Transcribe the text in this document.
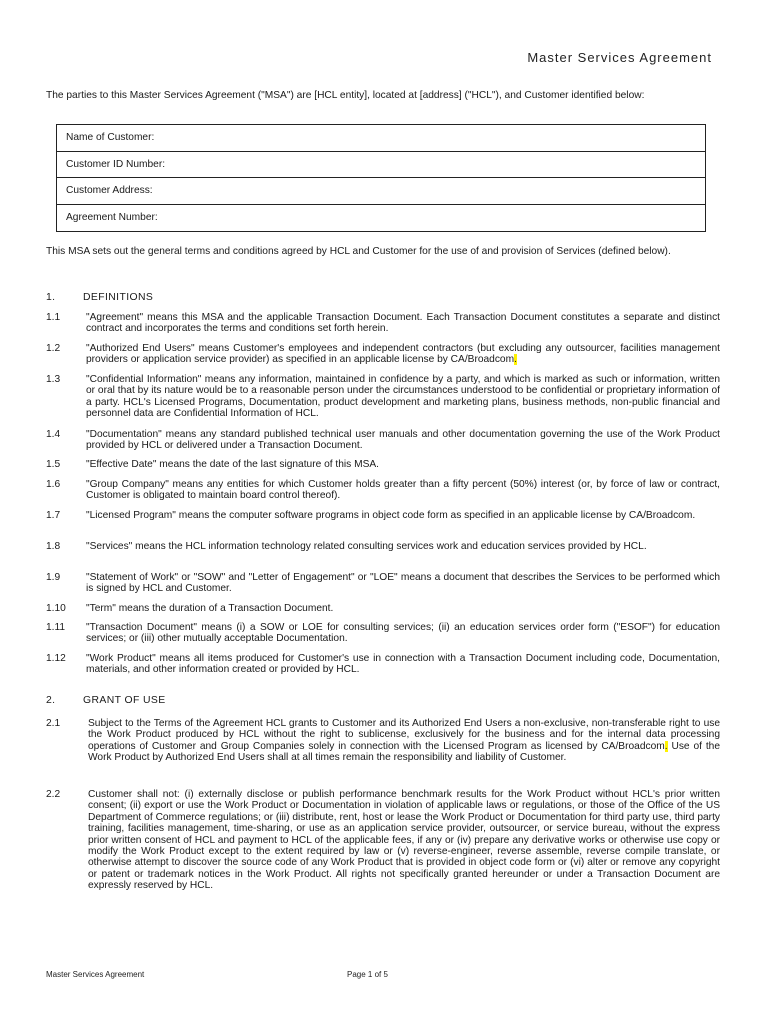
Master Services Agreement
The parties to this Master Services Agreement ("MSA") are [HCL entity], located at [address] ("HCL"), and Customer identified below:
Name of Customer:
Customer ID Number:
Customer Address:
Agreement Number:
This MSA sets out the general terms and conditions agreed by HCL and Customer for the use of and provision of Services (defined below).
1.	DEFINITIONS
1.1	"Agreement" means this MSA and the applicable Transaction Document. Each Transaction Document constitutes a separate and distinct contract and incorporates the terms and conditions set forth herein.
1.2	"Authorized End Users" means Customer's employees and independent contractors (but excluding any outsourcer, facilities management providers or application service provider) as specified in an applicable license by CA/Broadcom.
1.3	"Confidential Information" means any information, maintained in confidence by a party, and which is marked as such or information, written or oral that by its nature would be to a reasonable person under the circumstances understood to be confidential or proprietary information of a party. HCL's Licensed Programs, Documentation, product development and marketing plans, business methods, non-public financial and personnel data are Confidential Information of HCL.
1.4	"Documentation" means any standard published technical user manuals and other documentation governing the use of the Work Product provided by HCL or delivered under a Transaction Document.
1.5	"Effective Date" means the date of the last signature of this MSA.
1.6	"Group Company" means any entities for which Customer holds greater than a fifty percent (50%) interest (or, by force of law or contract, Customer is obligated to maintain board control thereof).
1.7	"Licensed Program" means the computer software programs in object code form as specified in an applicable license by CA/Broadcom.
1.8	"Services" means the HCL information technology related consulting services work and education services provided by HCL.
1.9	"Statement of Work" or "SOW" and "Letter of Engagement" or "LOE" means a document that describes the Services to be performed which is signed by HCL and Customer.
1.10	"Term" means the duration of a Transaction Document.
1.11	"Transaction Document" means (i) a SOW or LOE for consulting services; (ii) an education services order form ("ESOF") for education services; or (iii) other mutually acceptable Documentation.
1.12	"Work Product" means all items produced for Customer's use in connection with a Transaction Document including code, Documentation, materials, and other information created or provided by HCL.
2.	GRANT OF USE
2.1	Subject to the Terms of the Agreement HCL grants to Customer and its Authorized End Users a non-exclusive, non-transferable right to use the Work Product produced by HCL without the right to sublicense, exclusively for the business and for the internal data processing operations of Customer and Group Companies solely in connection with the Licensed Program as licensed by CA/Broadcom. Use of the Work Product by Authorized End Users shall at all times remain the responsibility and liability of Customer.
2.2	Customer shall not: (i) externally disclose or publish performance benchmark results for the Work Product without HCL's prior written consent; (ii) export or use the Work Product or Documentation in violation of applicable laws or regulations, or those of the Office of the US Department of Commerce regulations; or (iii) distribute, rent, host or lease the Work Product or Documentation for third party use, third party training, facilities management, time-sharing, or use as an application service provider, outsourcer, or service bureau, without the express prior written consent of HCL and payment to HCL of the applicable fees, if any or (iv) prepare any derivative works or otherwise use copy or modify the Work Product except to the extent required by law or (v) reverse-engineer, reverse assemble, reverse compile translate, or otherwise attempt to discover the source code of any Work Product that is provided in object code form or (vi) alter or remove any copyright or patent or trademark notices in the Work Product. All rights not specifically granted hereunder or under a Transaction Document are expressly reserved by HCL.
Master Services Agreement	Page 1 of 5
